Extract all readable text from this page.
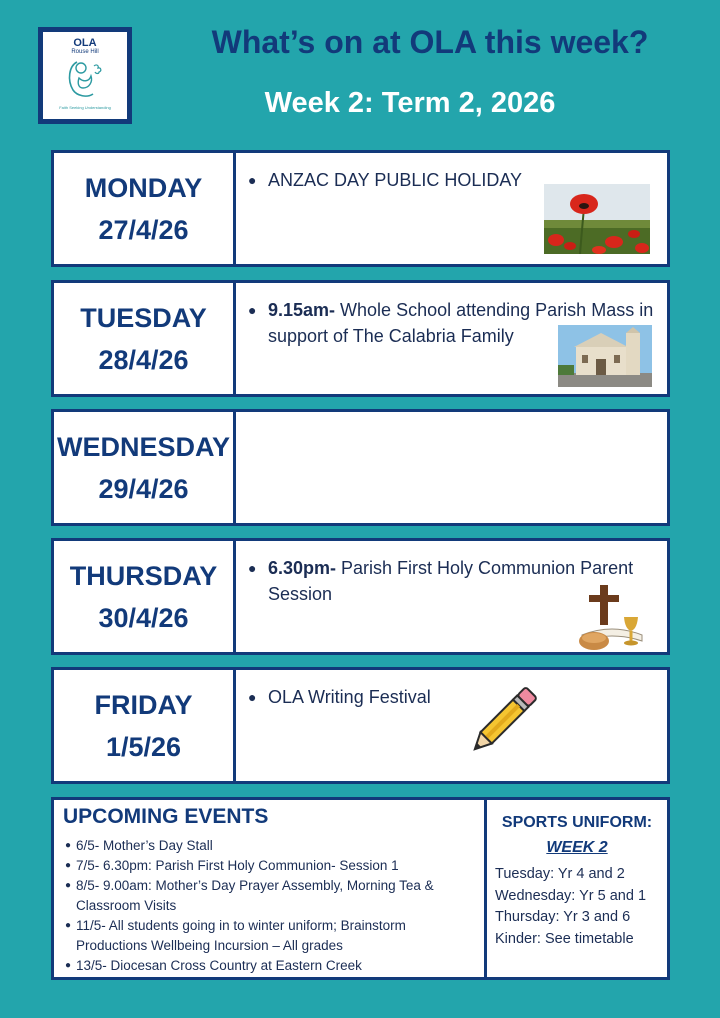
OLA
Rouse Hill
Faith Seeking Understanding
What’s on at OLA this week?
Week 2: Term 2, 2026
MONDAY
27/4/26
● ANZAC DAY PUBLIC HOLIDAY
TUESDAY
28/4/26
● 9.15am- Whole School attending Parish Mass in support of The Calabria Family
WEDNESDAY
29/4/26
THURSDAY
30/4/26
● 6.30pm- Parish First Holy Communion Parent Session
FRIDAY
1/5/26
● OLA Writing Festival
UPCOMING EVENTS
● 6/5- Mother’s Day Stall
● 7/5- 6.30pm: Parish First Holy Communion- Session 1
● 8/5- 9.00am: Mother’s Day Prayer Assembly, Morning Tea & Classroom Visits
● 11/5- All students going in to winter uniform; Brainstorm Productions Wellbeing Incursion – All grades
● 13/5- Diocesan Cross Country at Eastern Creek
SPORTS UNIFORM:
WEEK 2
Tuesday: Yr 4 and 2
Wednesday: Yr 5 and 1
Thursday: Yr 3 and 6
Kinder: See timetable
